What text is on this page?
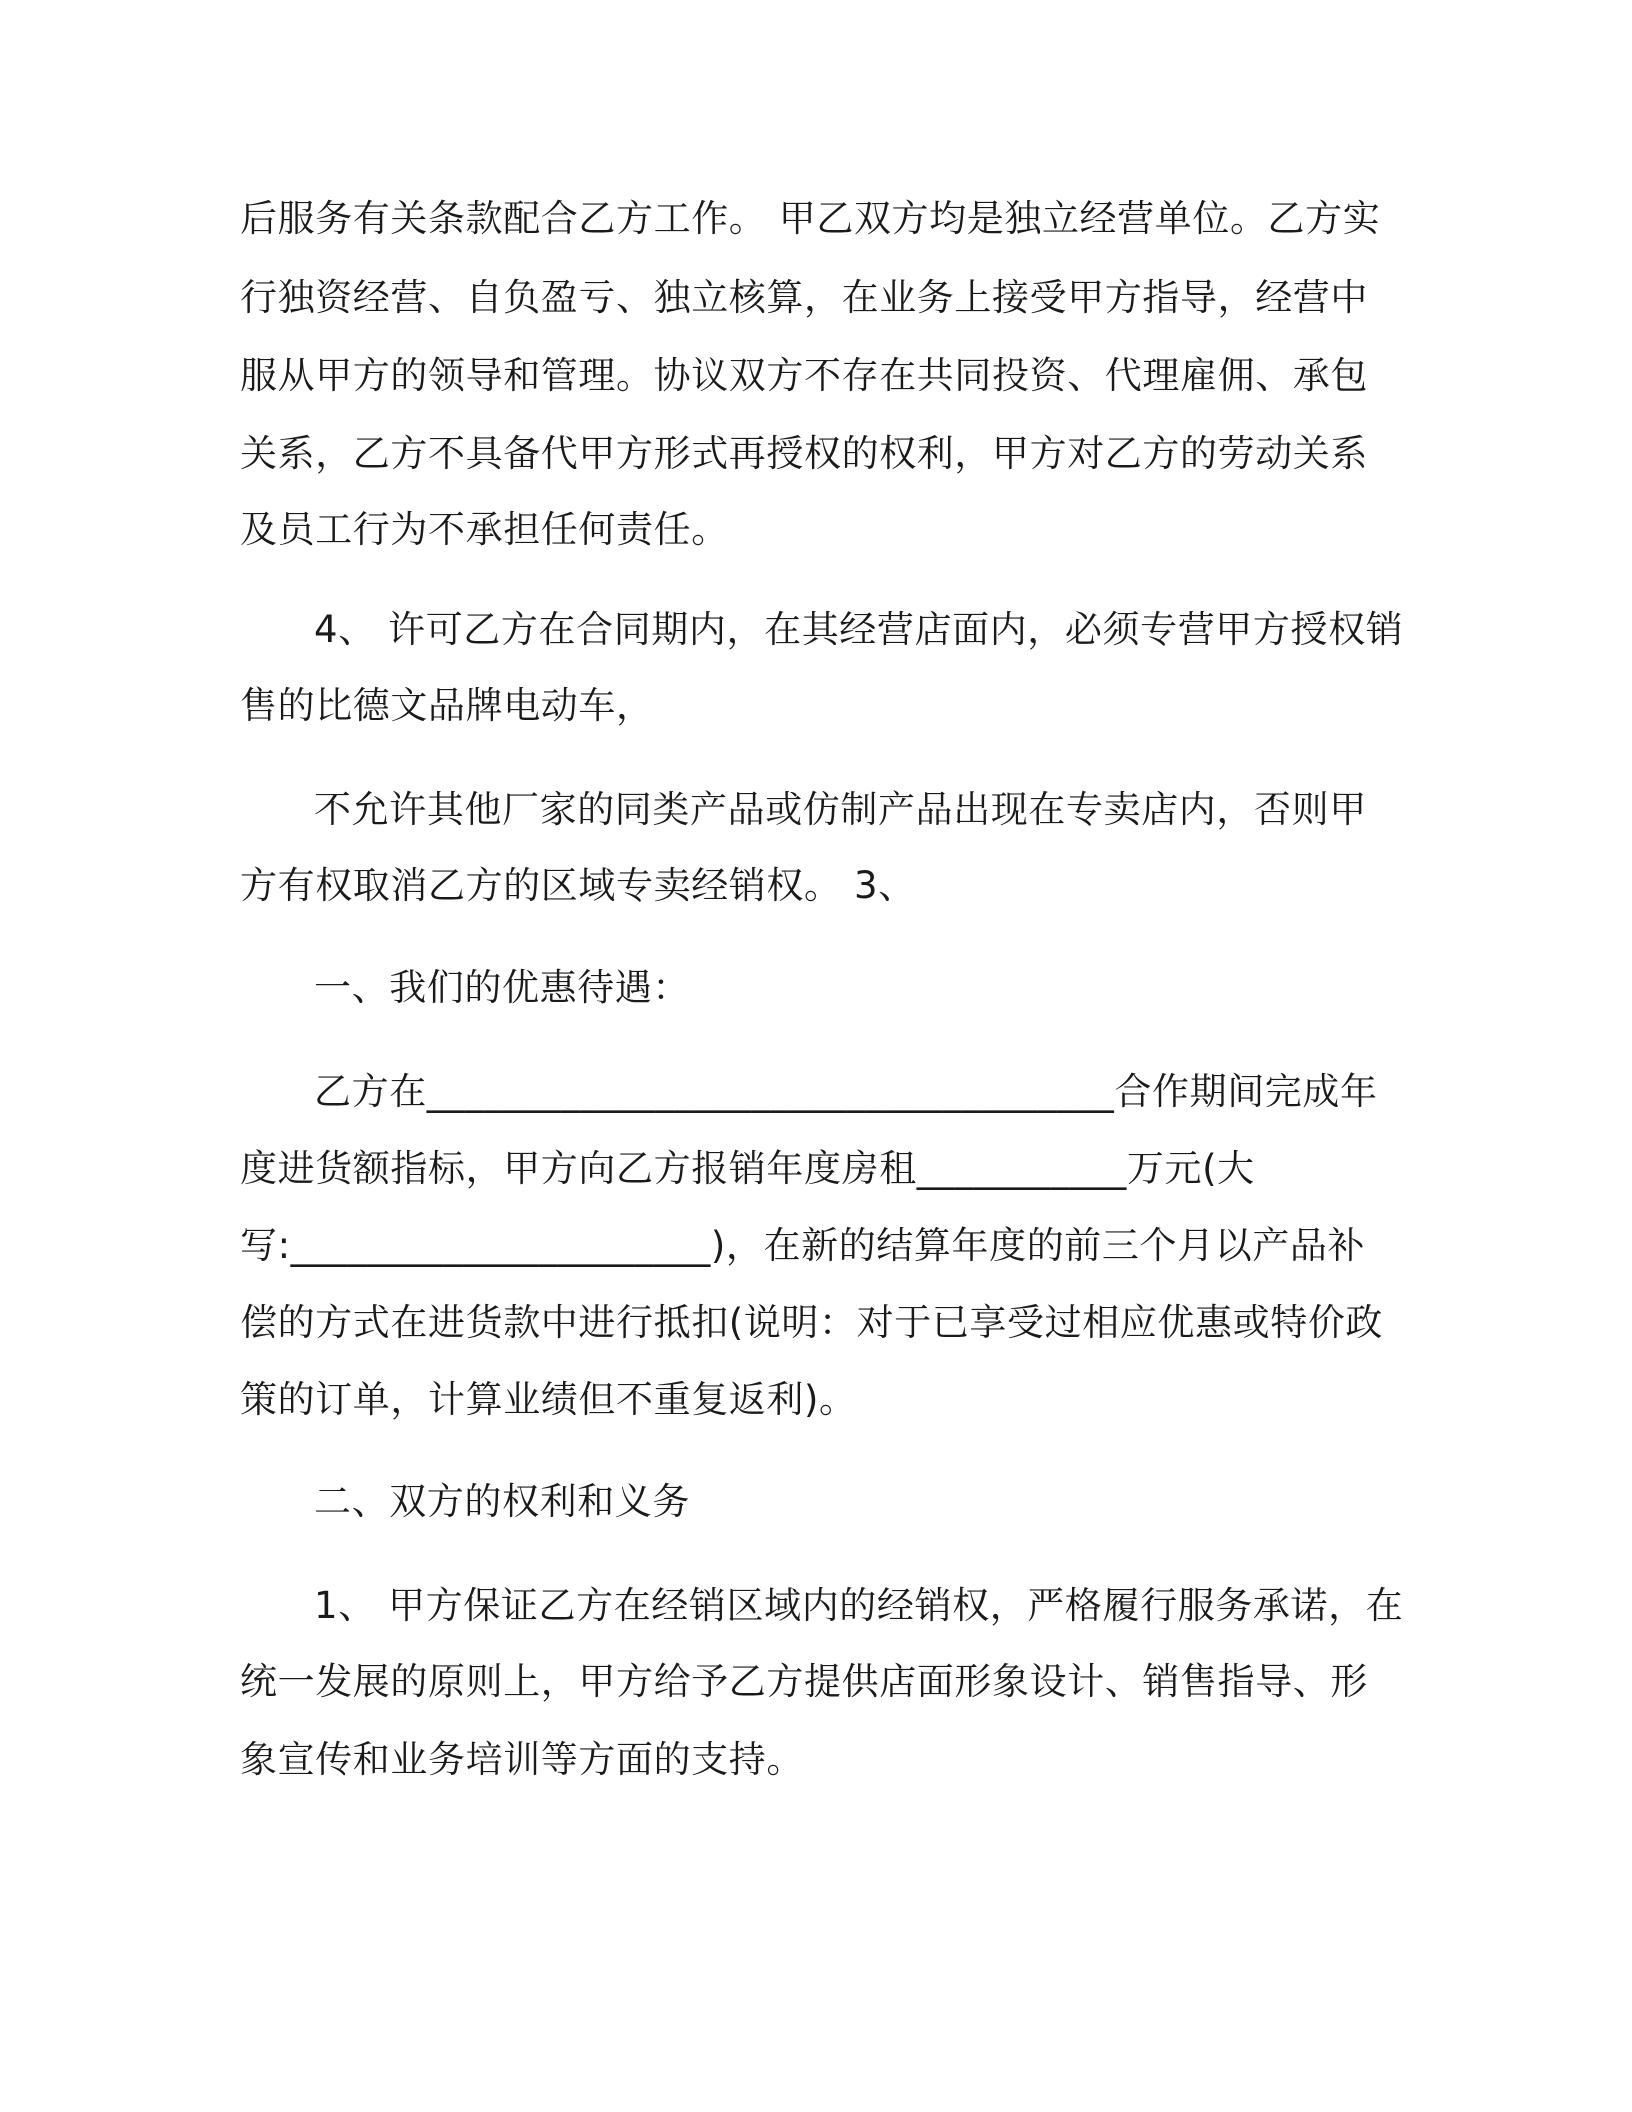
后服务有关条款配合乙方工作。 甲乙双方均是独立经营单位。乙方实
行独资经营、自负盈亏、独立核算，在业务上接受甲方指导，经营中
服从甲方的领导和管理。协议双方不存在共同投资、代理雇佣、承包
关系，乙方不具备代甲方形式再授权的权利，甲方对乙方的劳动关系
及员工行为不承担任何责任。
4、 许可乙方在合同期内，在其经营店面内，必须专营甲方授权销
售的比德文品牌电动车，
不允许其他厂家的同类产品或仿制产品出现在专卖店内，否则甲
方有权取消乙方的区域专卖经销权。 3、
一、我们的优惠待遇：
乙方在____________________________________合作期间完成年
度进货额指标，甲方向乙方报销年度房租___________万元(大
写:______________________)，在新的结算年度的前三个月以产品补
偿的方式在进货款中进行抵扣(说明：对于已享受过相应优惠或特价政
策的订单，计算业绩但不重复返利)。
二、双方的权利和义务
1、 甲方保证乙方在经销区域内的经销权，严格履行服务承诺，在
统一发展的原则上，甲方给予乙方提供店面形象设计、销售指导、形
象宣传和业务培训等方面的支持。
